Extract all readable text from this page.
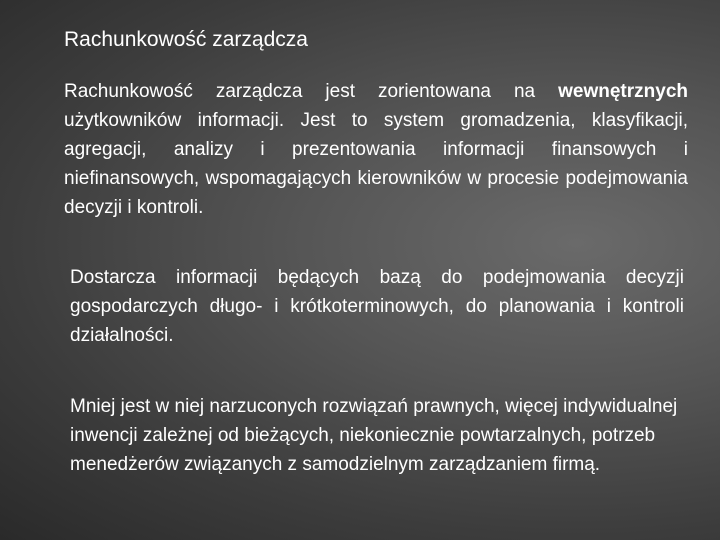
Rachunkowość zarządcza

Rachunkowość zarządcza jest zorientowana na wewnętrznych użytkowników informacji. Jest to system gromadzenia, klasyfikacji, agregacji, analizy i prezentowania informacji finansowych i niefinansowych, wspomagających kierowników w procesie podejmowania decyzji i kontroli.

Dostarcza informacji będących bazą do podejmowania decyzji gospodarczych długo- i krótkoterminowych, do planowania i kontroli działalności.

Mniej jest w niej narzuconych rozwiązań prawnych, więcej indywidualnej inwencji zależnej od bieżących, niekoniecznie powtarzalnych, potrzeb menedżerów związanych z samodzielnym zarządzaniem firmą.
